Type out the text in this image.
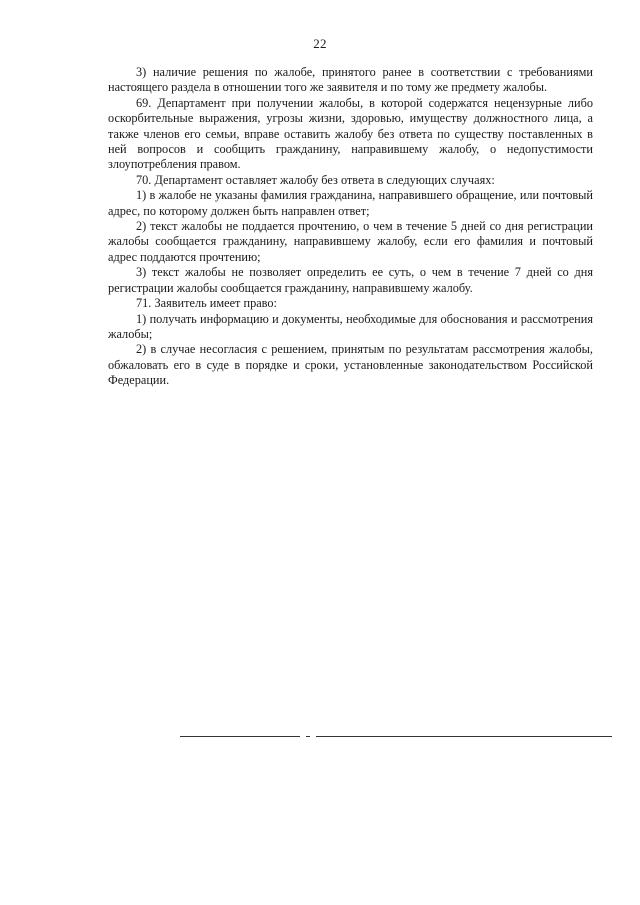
22

3) наличие решения по жалобе, принятого ранее в соответствии с требованиями настоящего раздела в отношении того же заявителя и по тому же предмету жалобы.

69. Департамент при получении жалобы, в которой содержатся нецензурные либо оскорбительные выражения, угрозы жизни, здоровью, имуществу должностного лица, а также членов его семьи, вправе оставить жалобу без ответа по существу поставленных в ней вопросов и сообщить гражданину, направившему жалобу, о недопустимости злоупотребления правом.

70. Департамент оставляет жалобу без ответа в следующих случаях:

1) в жалобе не указаны фамилия гражданина, направившего обращение, или почтовый адрес, по которому должен быть направлен ответ;

2) текст жалобы не поддается прочтению, о чем в течение 5 дней со дня регистрации жалобы сообщается гражданину, направившему жалобу, если его фамилия и почтовый адрес поддаются прочтению;

3) текст жалобы не позволяет определить ее суть, о чем в течение 7 дней со дня регистрации жалобы сообщается гражданину, направившему жалобу.

71. Заявитель имеет право:

1) получать информацию и документы, необходимые для обоснования и рассмотрения жалобы;

2) в случае несогласия с решением, принятым по результатам рассмотрения жалобы, обжаловать его в суде в порядке и сроки, установленные законодательством Российской Федерации.
